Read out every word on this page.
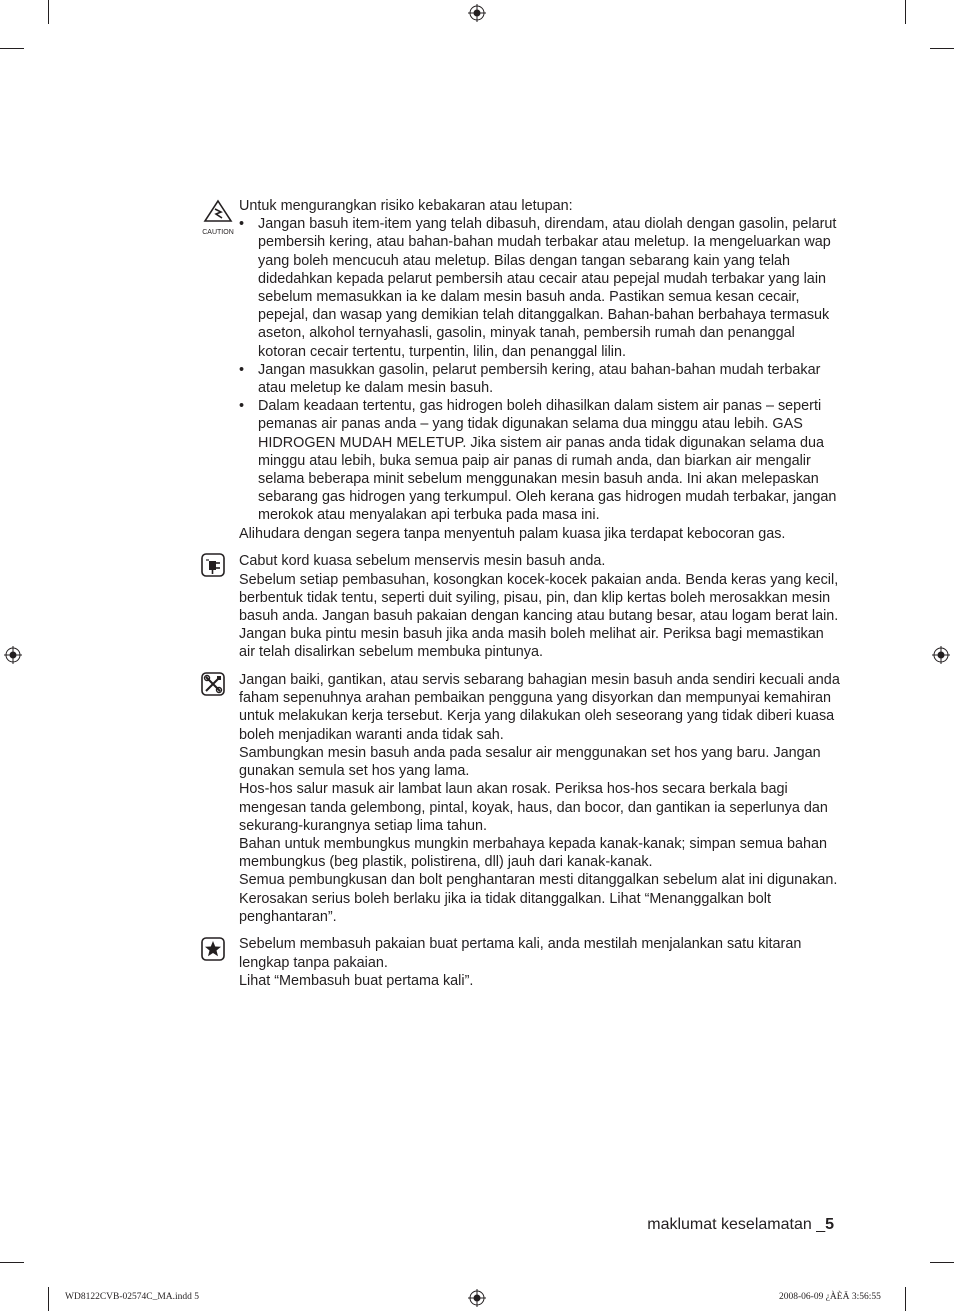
CAUTION

Untuk mengurangkan risiko kebakaran atau letupan:

• Jangan basuh item-item yang telah dibasuh, direndam, atau diolah dengan gasolin, pelarut pembersih kering, atau bahan-bahan mudah terbakar atau meletup. Ia mengeluarkan wap yang boleh mencucuh atau meletup. Bilas dengan tangan sebarang kain yang telah didedahkan kepada pelarut pembersih atau cecair atau pepejal mudah terbakar yang lain sebelum memasukkan ia ke dalam mesin basuh anda. Pastikan semua kesan cecair, pepejal, dan wasap yang demikian telah ditanggalkan. Bahan-bahan berbahaya termasuk aseton, alkohol ternyahasli, gasolin, minyak tanah, pembersih rumah dan penanggal kotoran cecair tertentu, turpentin, lilin, dan penanggal lilin.
• Jangan masukkan gasolin, pelarut pembersih kering, atau bahan-bahan mudah terbakar atau meletup ke dalam mesin basuh.
• Dalam keadaan tertentu, gas hidrogen boleh dihasilkan dalam sistem air panas – seperti pemanas air panas anda – yang tidak digunakan selama dua minggu atau lebih. GAS HIDROGEN MUDAH MELETUP. Jika sistem air panas anda tidak digunakan selama dua minggu atau lebih, buka semua paip air panas di rumah anda, dan biarkan air mengalir selama beberapa minit sebelum menggunakan mesin basuh anda. Ini akan melepaskan sebarang gas hidrogen yang terkumpul. Oleh kerana gas hidrogen mudah terbakar, jangan merokok atau menyalakan api terbuka pada masa ini.

Alihudara dengan segera tanpa menyentuh palam kuasa jika terdapat kebocoran gas.

Cabut kord kuasa sebelum menservis mesin basuh anda.

Sebelum setiap pembasuhan, kosongkan kocek-kocek pakaian anda. Benda keras yang kecil, berbentuk tidak tentu, seperti duit syiling, pisau, pin, dan klip kertas boleh merosakkan mesin basuh anda. Jangan basuh pakaian dengan kancing atau butang besar, atau logam berat lain.

Jangan buka pintu mesin basuh jika anda masih boleh melihat air. Periksa bagi memastikan air telah disalirkan sebelum membuka pintunya.

Jangan baiki, gantikan, atau servis sebarang bahagian mesin basuh anda sendiri kecuali anda faham sepenuhnya arahan pembaikan pengguna yang disyorkan dan mempunyai kemahiran untuk melakukan kerja tersebut. Kerja yang dilakukan oleh seseorang yang tidak diberi kuasa boleh menjadikan waranti anda tidak sah.

Sambungkan mesin basuh anda pada sesalur air menggunakan set hos yang baru. Jangan gunakan semula set hos yang lama.

Hos-hos salur masuk air lambat laun akan rosak. Periksa hos-hos secara berkala bagi mengesan tanda gelembong, pintal, koyak, haus, dan bocor, dan gantikan ia seperlunya dan sekurang-kurangnya setiap lima tahun.

Bahan untuk membungkus mungkin merbahaya kepada kanak-kanak; simpan semua bahan membungkus (beg plastik, polistirena, dll) jauh dari kanak-kanak.

Semua pembungkusan dan bolt penghantaran mesti ditanggalkan sebelum alat ini digunakan. Kerosakan serius boleh berlaku jika ia tidak ditanggalkan. Lihat “Menanggalkan bolt penghantaran”.

Sebelum membasuh pakaian buat pertama kali, anda mestilah menjalankan satu kitaran lengkap tanpa pakaian.

Lihat “Membasuh buat pertama kali”.

maklumat keselamatan _5
WD8122CVB-02574C_MA.indd 5	2008-06-09 ¿ÀÈÄ 3:56:55
